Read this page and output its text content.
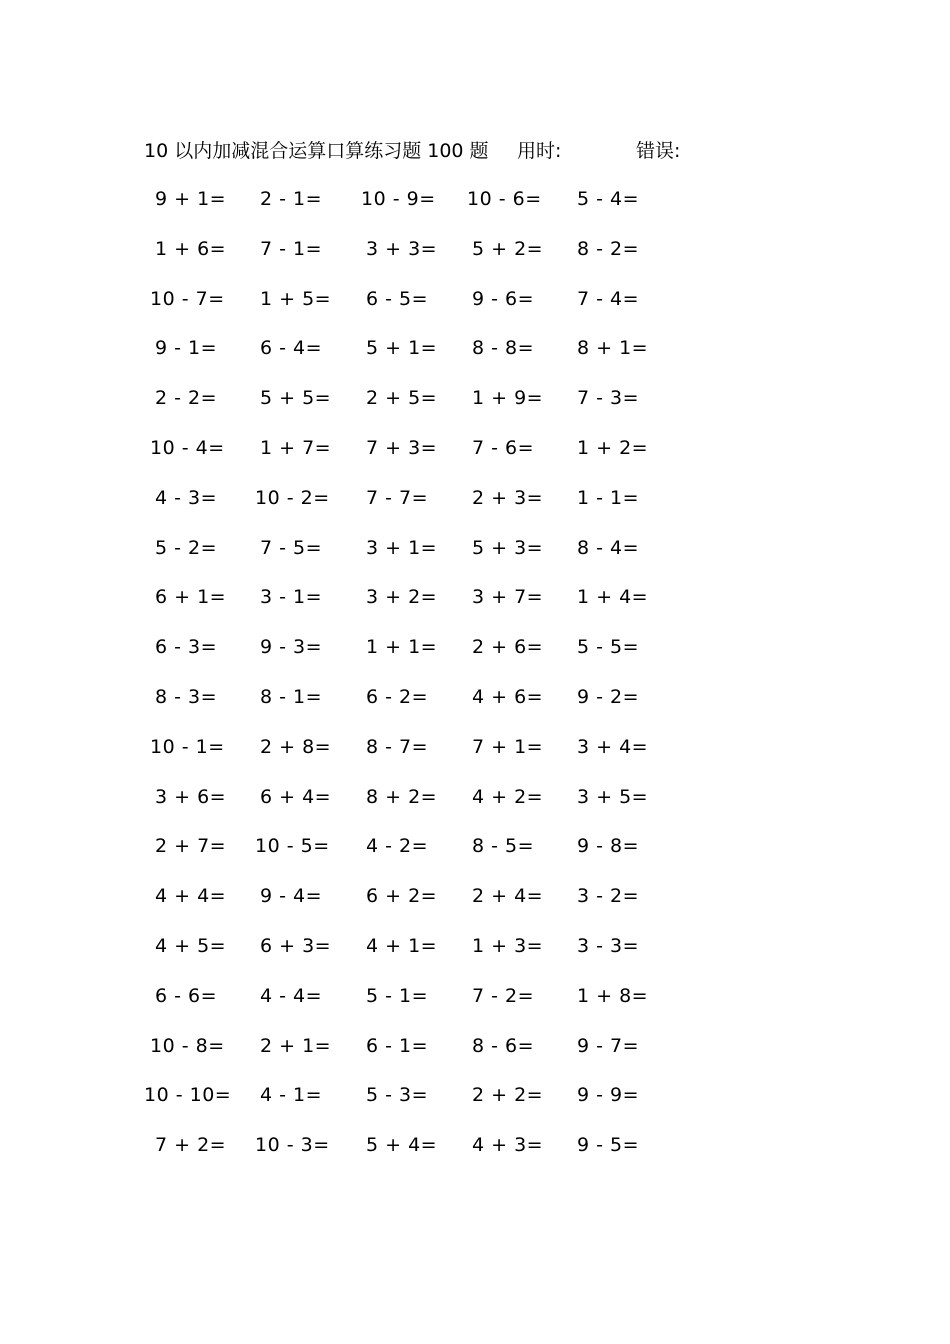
10 以内加减混合运算口算练习题 100 题 用时:	错误:
9 + 1= 2 - 1= 10 - 9= 10 - 6= 5 - 4=
1 + 6= 7 - 1= 3 + 3= 5 + 2= 8 - 2=
10 - 7= 1 + 5= 6 - 5= 9 - 6= 7 - 4=
9 - 1= 6 - 4= 5 + 1= 8 - 8= 8 + 1=
2 - 2= 5 + 5= 2 + 5= 1 + 9= 7 - 3=
10 - 4= 1 + 7= 7 + 3= 7 - 6= 1 + 2=
4 - 3= 10 - 2= 7 - 7= 2 + 3= 1 - 1=
5 - 2= 7 - 5= 3 + 1= 5 + 3= 8 - 4=
6 + 1= 3 - 1= 3 + 2= 3 + 7= 1 + 4=
6 - 3= 9 - 3= 1 + 1= 2 + 6= 5 - 5=
8 - 3= 8 - 1= 6 - 2= 4 + 6= 9 - 2=
10 - 1= 2 + 8= 8 - 7= 7 + 1= 3 + 4=
3 + 6= 6 + 4= 8 + 2= 4 + 2= 3 + 5=
2 + 7= 10 - 5= 4 - 2= 8 - 5= 9 - 8=
4 + 4= 9 - 4= 6 + 2= 2 + 4= 3 - 2=
4 + 5= 6 + 3= 4 + 1= 1 + 3= 3 - 3=
6 - 6= 4 - 4= 5 - 1= 7 - 2= 1 + 8=
10 - 8= 2 + 1= 6 - 1= 8 - 6= 9 - 7=
10 - 10= 4 - 1= 5 - 3= 2 + 2= 9 - 9=
7 + 2= 10 - 3= 5 + 4= 4 + 3= 9 - 5=
